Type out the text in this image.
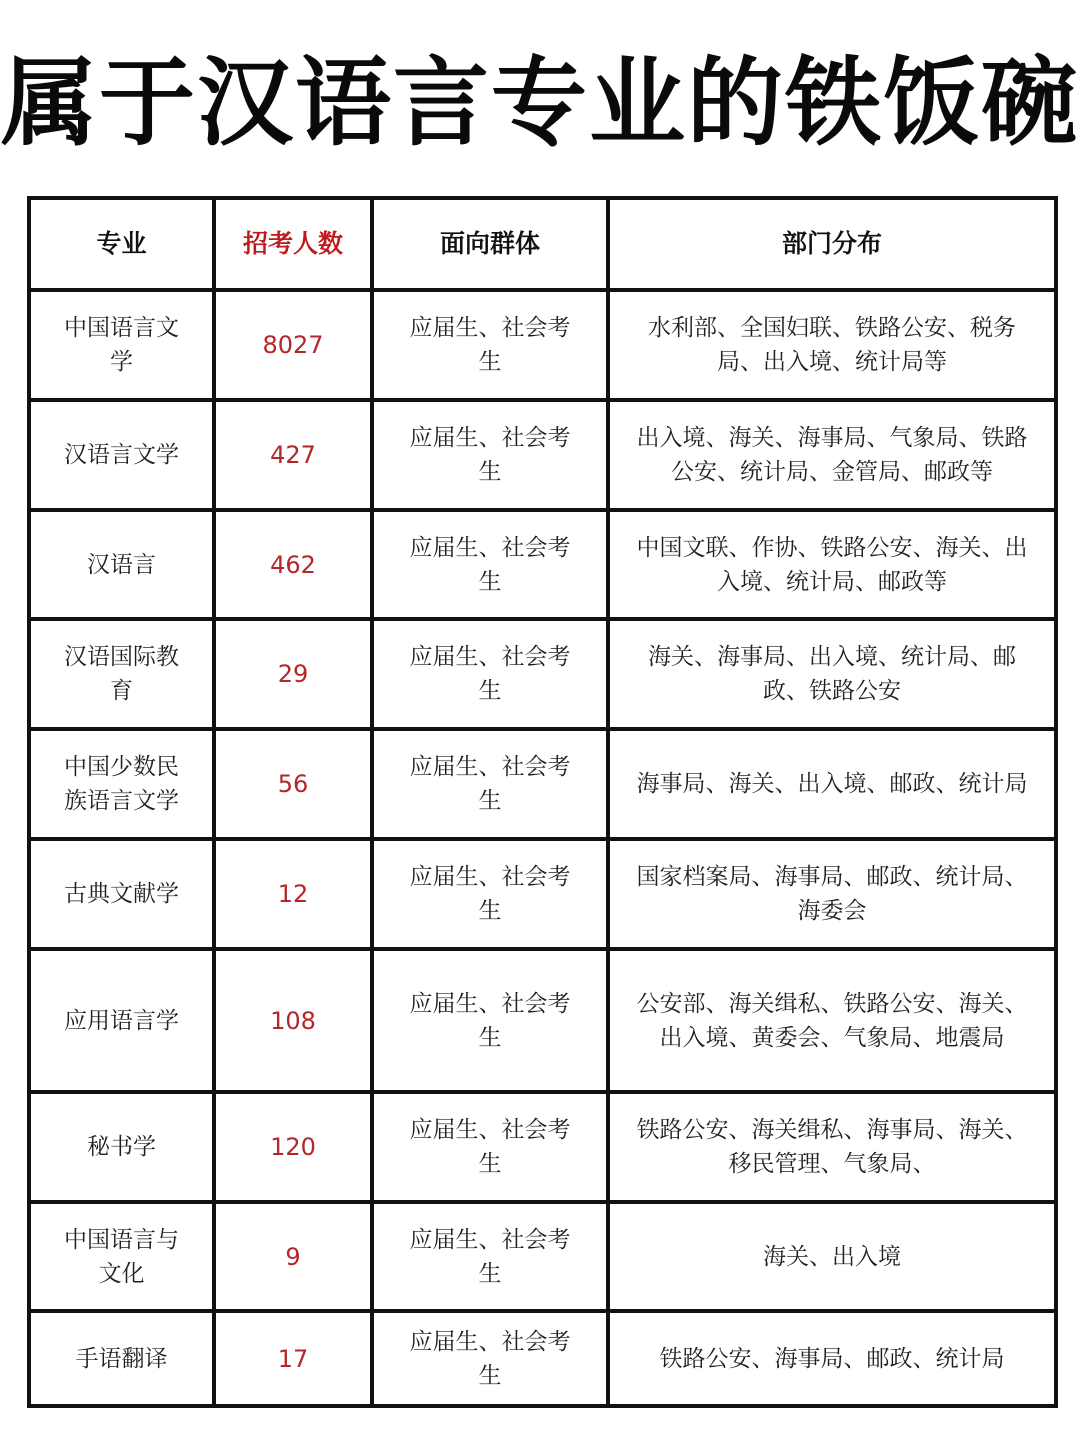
属于汉语言专业的铁饭碗
专业	招考人数	面向群体	部门分布
中国语言文学	8027	应届生、社会考生	水利部、全国妇联、铁路公安、税务局、出入境、统计局等
汉语言文学	427	应届生、社会考生	出入境、海关、海事局、气象局、铁路公安、统计局、金管局、邮政等
汉语言	462	应届生、社会考生	中国文联、作协、铁路公安、海关、出入境、统计局、邮政等
汉语国际教育	29	应届生、社会考生	海关、海事局、出入境、统计局、邮政、铁路公安
中国少数民族语言文学	56	应届生、社会考生	海事局、海关、出入境、邮政、统计局
古典文献学	12	应届生、社会考生	国家档案局、海事局、邮政、统计局、海委会
应用语言学	108	应届生、社会考生	公安部、海关缉私、铁路公安、海关、出入境、黄委会、气象局、地震局
秘书学	120	应届生、社会考生	铁路公安、海关缉私、海事局、海关、移民管理、气象局、
中国语言与文化	9	应届生、社会考生	海关、出入境
手语翻译	17	应届生、社会考生	铁路公安、海事局、邮政、统计局
